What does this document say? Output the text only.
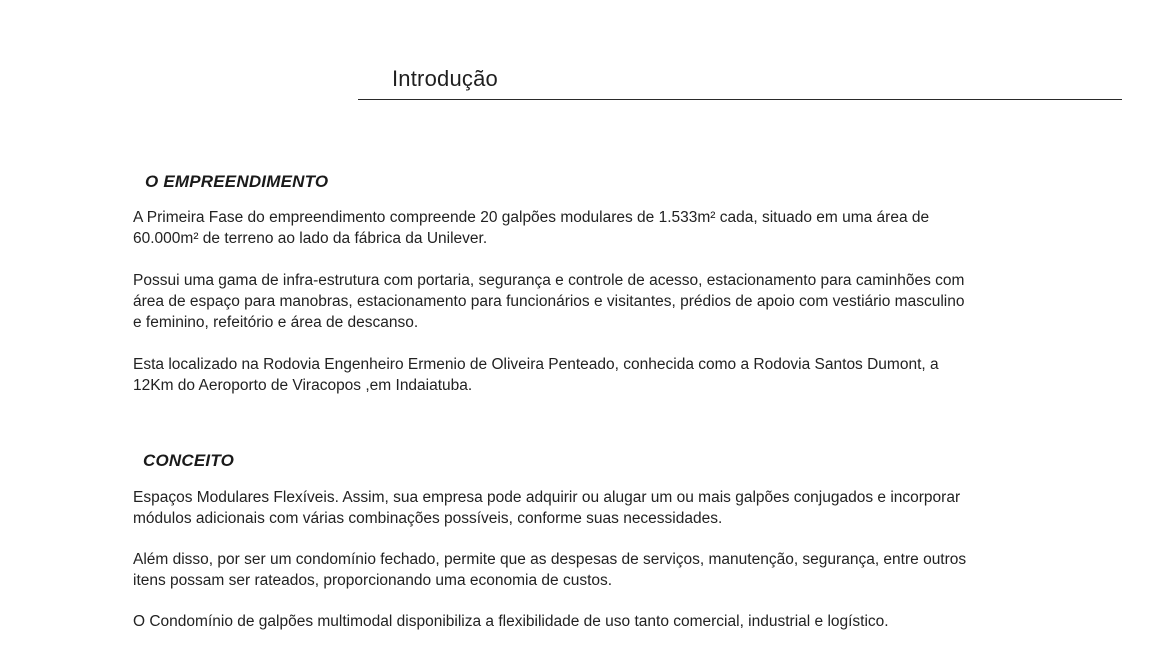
Introdução
O EMPREENDIMENTO

A Primeira Fase do empreendimento compreende 20 galpões modulares de 1.533m² cada, situado em uma área de
60.000m² de terreno ao lado da fábrica da Unilever.

Possui uma gama de infra-estrutura com portaria, segurança e controle de acesso, estacionamento para caminhões com
área de espaço para manobras, estacionamento para funcionários e visitantes, prédios de apoio com vestiário masculino
e feminino, refeitório e área de descanso.

Esta localizado na Rodovia Engenheiro Ermenio de Oliveira Penteado, conhecida como a Rodovia Santos Dumont, a
12Km do Aeroporto de Viracopos ,em Indaiatuba.

CONCEITO

Espaços Modulares Flexíveis. Assim, sua empresa pode adquirir ou alugar um ou mais galpões conjugados e incorporar
módulos adicionais com várias combinações possíveis, conforme suas necessidades.

Além disso, por ser um condomínio fechado, permite que as despesas de serviços, manutenção, segurança, entre outros
itens possam ser rateados, proporcionando uma economia de custos.

O Condomínio de galpões multimodal disponibiliza a flexibilidade de uso tanto comercial, industrial e logístico.
